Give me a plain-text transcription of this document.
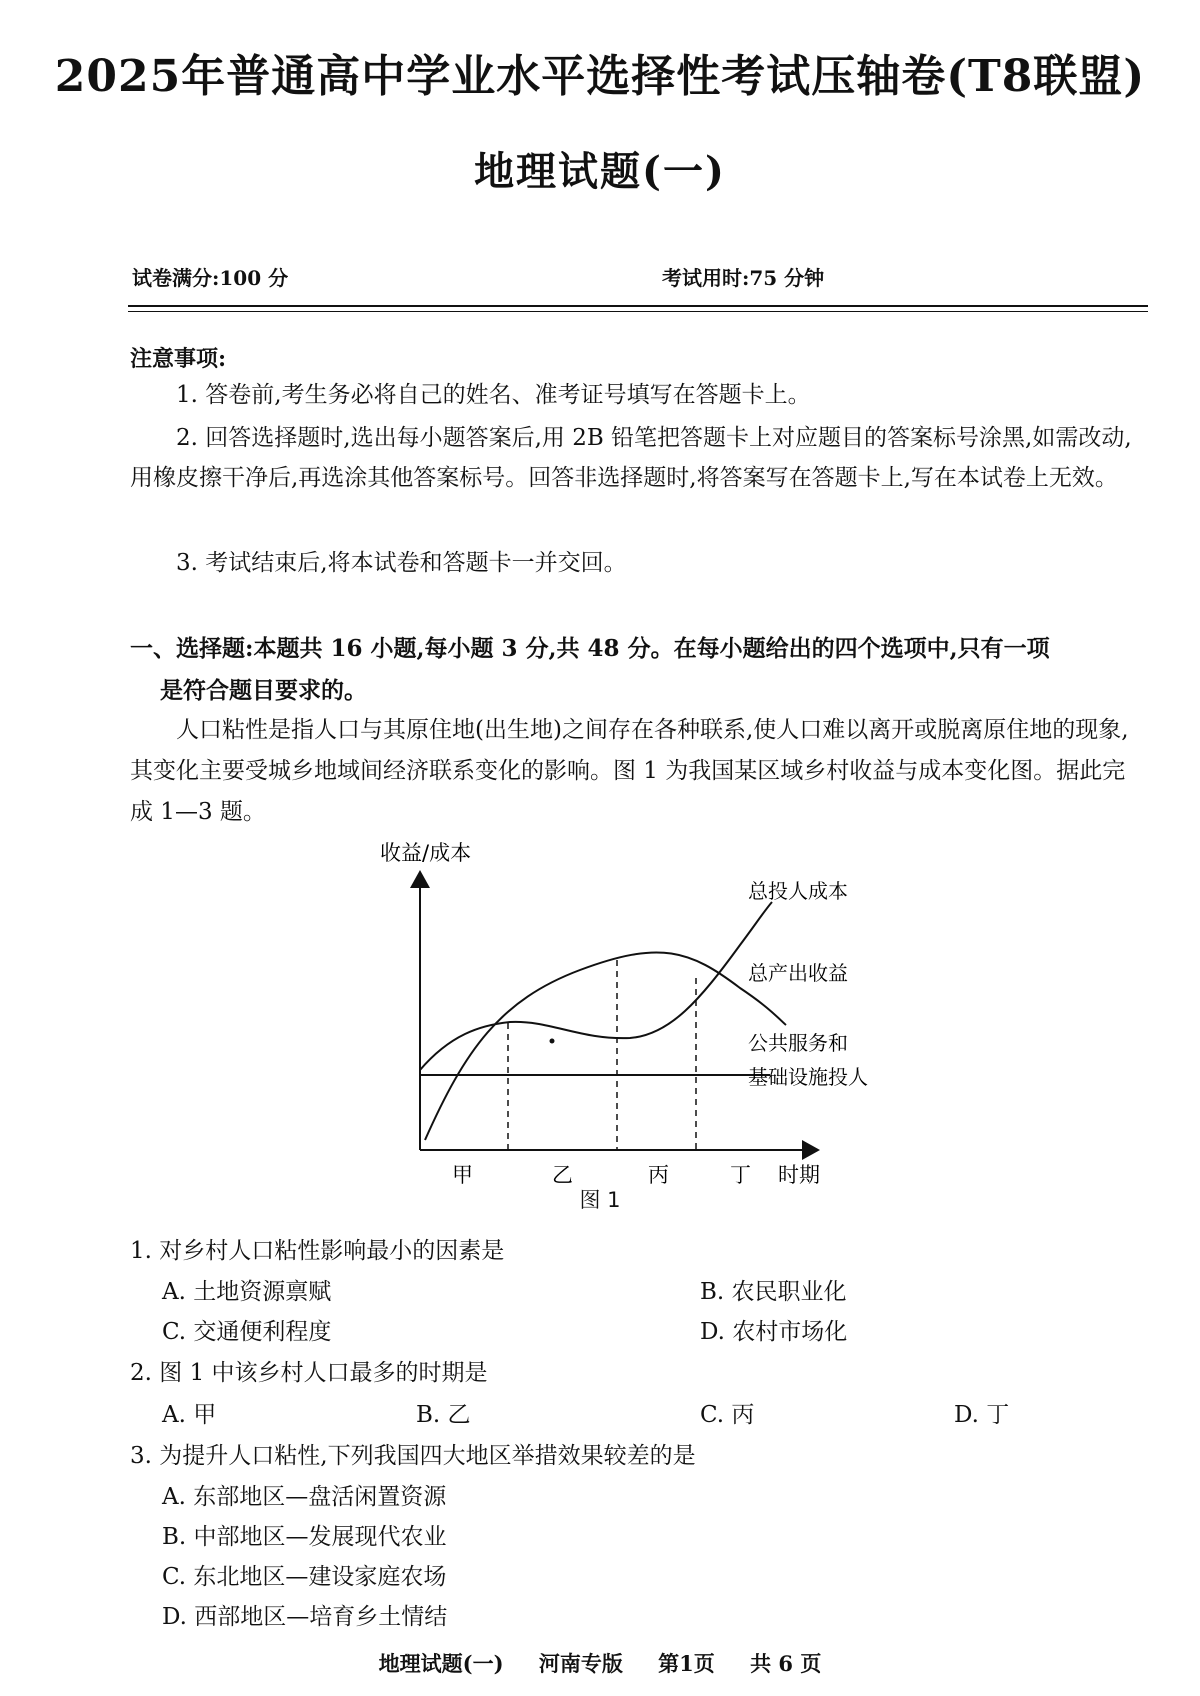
2025年普通高中学业水平选择性考试压轴卷(T8联盟)
地理试题(一)
试卷满分:100 分	考试用时:75 分钟
注意事项:
1. 答卷前,考生务必将自己的姓名、准考证号填写在答题卡上。
2. 回答选择题时,选出每小题答案后,用 2B 铅笔把答题卡上对应题目的答案标号涂黑,如需改动,用橡皮擦干净后,再选涂其他答案标号。回答非选择题时,将答案写在答题卡上,写在本试卷上无效。
3. 考试结束后,将本试卷和答题卡一并交回。
一、选择题:本题共 16 小题,每小题 3 分,共 48 分。在每小题给出的四个选项中,只有一项
是符合题目要求的。
人口粘性是指人口与其原住地(出生地)之间存在各种联系,使人口难以离开或脱离原住地的现象,其变化主要受城乡地域间经济联系变化的影响。图 1 为我国某区域乡村收益与成本变化图。据此完成 1—3 题。
收益/成本
时期
甲	乙	丙	丁
总投人成本
总产出收益
公共服务和
基础设施投人
图 1
1. 对乡村人口粘性影响最小的因素是
A. 土地资源禀赋	B. 农民职业化
C. 交通便利程度	D. 农村市场化
2. 图 1 中该乡村人口最多的时期是
A. 甲	B. 乙	C. 丙	D. 丁
3. 为提升人口粘性,下列我国四大地区举措效果较差的是
A. 东部地区—盘活闲置资源
B. 中部地区—发展现代农业
C. 东北地区—建设家庭农场
D. 西部地区—培育乡土情结
地理试题(一) 河南专版 第1页 共 6 页
